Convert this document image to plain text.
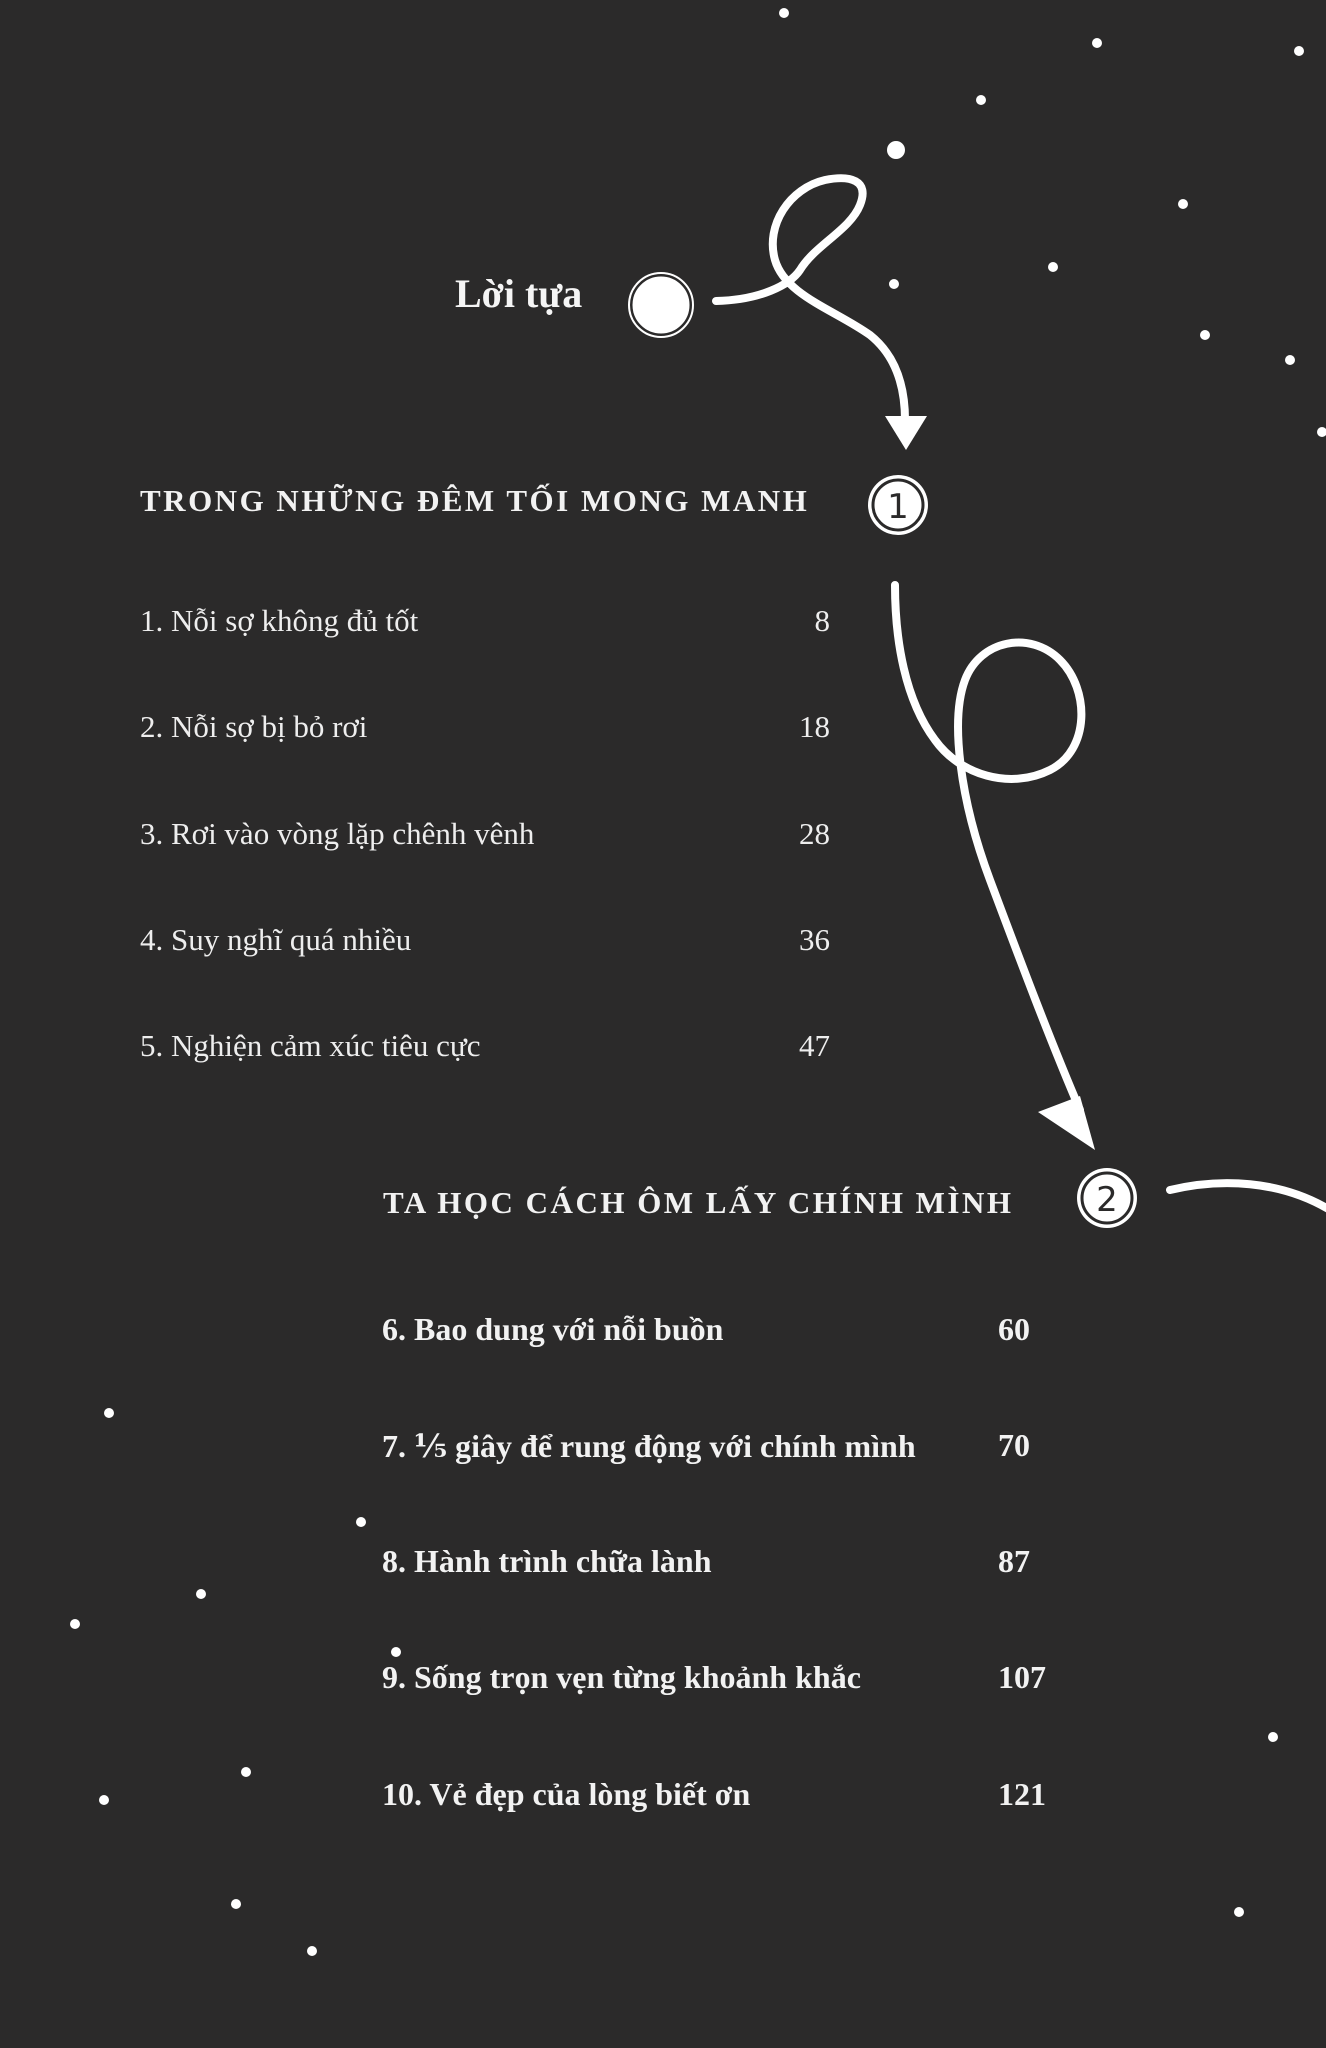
1
2
Lời tựa
TRONG NHỮNG ĐÊM TỐI MONG MANH
1. Nỗi sợ không đủ tốt	8
2. Nỗi sợ bị bỏ rơi	18
3. Rơi vào vòng lặp chênh vênh	28
4. Suy nghĩ quá nhiều	36
5. Nghiện cảm xúc tiêu cực	47
TA HỌC CÁCH ÔM LẤY CHÍNH MÌNH
6. Bao dung với nỗi buồn	60
7. ⅕ giây để rung động với chính mình	70
8. Hành trình chữa lành	87
9. Sống trọn vẹn từng khoảnh khắc	107
10. Vẻ đẹp của lòng biết ơn	121
